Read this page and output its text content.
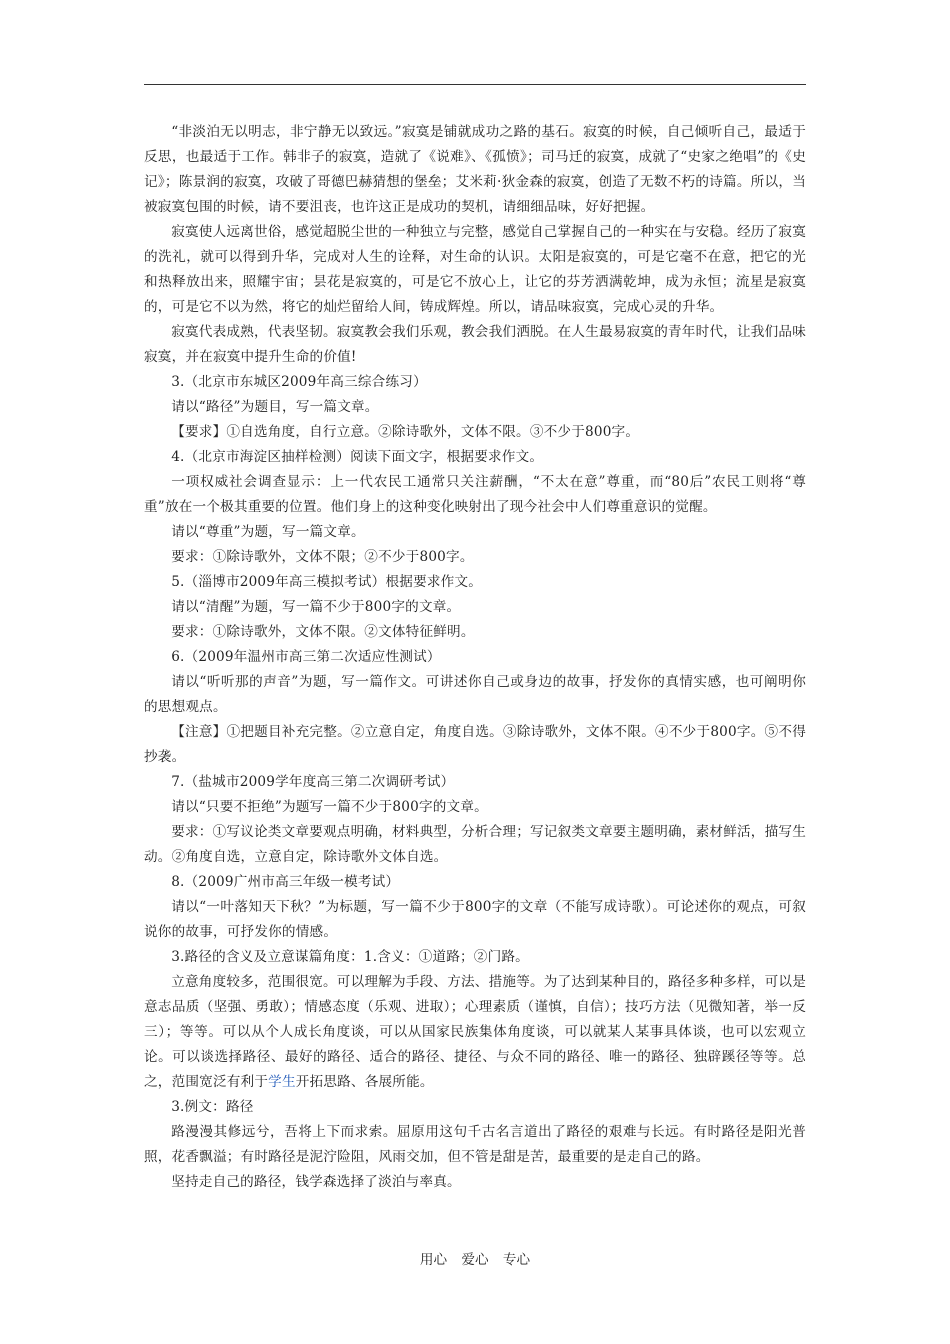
“非淡泊无以明志，非宁静无以致远。”寂寞是铺就成功之路的基石。寂寞的时候，自己倾听自己，最适于反思，也最适于工作。韩非子的寂寞，造就了《说难》、《孤愤》；司马迁的寂寞，成就了“史家之绝唱”的《史记》；陈景润的寂寞，攻破了哥德巴赫猜想的堡垒；艾米莉·狄金森的寂寞，创造了无数不朽的诗篇。所以，当被寂寞包围的时候，请不要沮丧，也许这正是成功的契机，请细细品味，好好把握。

寂寞使人远离世俗，感觉超脱尘世的一种独立与完整，感觉自己掌握自己的一种实在与安稳。经历了寂寞的洗礼，就可以得到升华，完成对人生的诠释，对生命的认识。太阳是寂寞的，可是它毫不在意，把它的光和热释放出来，照耀宇宙；昙花是寂寞的，可是它不放心上，让它的芬芳洒满乾坤，成为永恒；流星是寂寞的，可是它不以为然，将它的灿烂留给人间，铸成辉煌。所以，请品味寂寞，完成心灵的升华。

寂寞代表成熟，代表坚韧。寂寞教会我们乐观，教会我们洒脱。在人生最易寂寞的青年时代，让我们品味寂寞，并在寂寞中提升生命的价值!

3.（北京市东城区2009年高三综合练习）

请以“路径”为题目，写一篇文章。

【要求】①自选角度，自行立意。②除诗歌外，文体不限。③不少于800字。

4.（北京市海淀区抽样检测）阅读下面文字，根据要求作文。

一项权威社会调查显示：上一代农民工通常只关注薪酬，“不太在意”尊重，而“80后”农民工则将“尊重”放在一个极其重要的位置。他们身上的这种变化映射出了现今社会中人们尊重意识的觉醒。

请以“尊重”为题，写一篇文章。

要求：①除诗歌外，文体不限；②不少于800字。

5.（淄博市2009年高三模拟考试）根据要求作文。

请以“清醒”为题，写一篇不少于800字的文章。

要求：①除诗歌外，文体不限。②文体特征鲜明。

6.（2009年温州市高三第二次适应性测试）

请以“听听那的声音”为题，写一篇作文。可讲述你自己或身边的故事，抒发你的真情实感，也可阐明你的思想观点。

【注意】①把题目补充完整。②立意自定，角度自选。③除诗歌外，文体不限。④不少于800字。⑤不得抄袭。

7.（盐城市2009学年度高三第二次调研考试）

请以“只要不拒绝”为题写一篇不少于800字的文章。

要求：①写议论类文章要观点明确，材料典型，分析合理；写记叙类文章要主题明确，素材鲜活，描写生动。②角度自选，立意自定，除诗歌外文体自选。

8.（2009广州市高三年级一模考试）

请以“一叶落知天下秋？”为标题，写一篇不少于800字的文章（不能写成诗歌）。可论述你的观点，可叙说你的故事，可抒发你的情感。

3.路径的含义及立意谋篇角度：1.含义：①道路；②门路。

立意角度较多，范围很宽。可以理解为手段、方法、措施等。为了达到某种目的，路径多种多样，可以是意志品质（坚强、勇敢）；情感态度（乐观、进取）；心理素质（谨慎，自信）；技巧方法（见微知著，举一反三）；等等。可以从个人成长角度谈，可以从国家民族集体角度谈，可以就某人某事具体谈，也可以宏观立论。可以谈选择路径、最好的路径、适合的路径、捷径、与众不同的路径、唯一的路径、独辟蹊径等等。总之，范围宽泛有利于学生开拓思路、各展所能。

3.例文：路径

路漫漫其修远兮，吾将上下而求索。屈原用这句千古名言道出了路径的艰难与长远。有时路径是阳光普照，花香飘溢；有时路径是泥泞险阻，风雨交加，但不管是甜是苦，最重要的是走自己的路。

坚持走自己的路径，钱学森选择了淡泊与率真。

用心 爱心 专心
